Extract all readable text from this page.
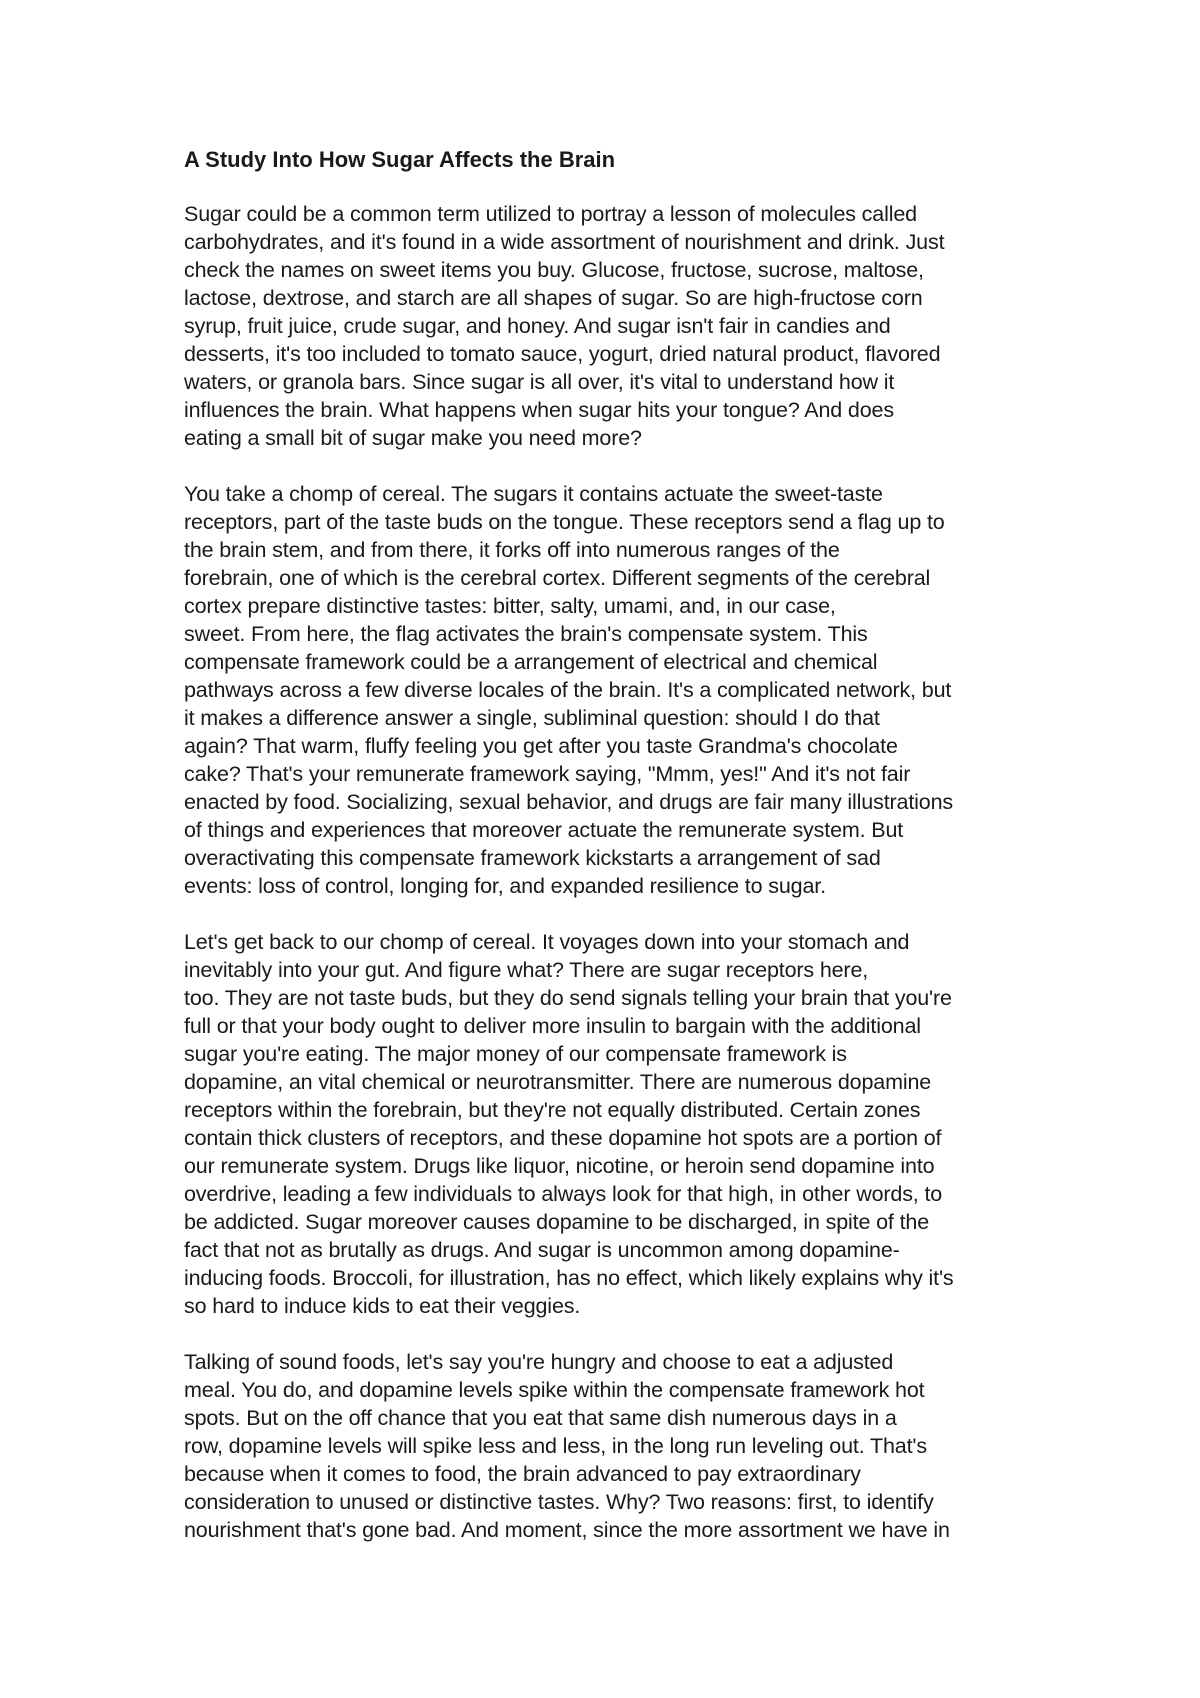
A Study Into How Sugar Affects the Brain
Sugar could be a common term utilized to portray a lesson of molecules called
carbohydrates, and it's found in a wide assortment of nourishment and drink. Just
check the names on sweet items you buy. Glucose, fructose, sucrose, maltose,
lactose, dextrose, and starch are all shapes of sugar. So are high-fructose corn
syrup, fruit juice, crude sugar, and honey. And sugar isn't fair in candies and
desserts, it's too included to tomato sauce, yogurt, dried natural product, flavored
waters, or granola bars. Since sugar is all over, it's vital to understand how it
influences the brain. What happens when sugar hits your tongue? And does
eating a small bit of sugar make you need more?
You take a chomp of cereal. The sugars it contains actuate the sweet-taste
receptors, part of the taste buds on the tongue. These receptors send a flag up to
the brain stem, and from there, it forks off into numerous ranges of the
forebrain, one of which is the cerebral cortex. Different segments of the cerebral
cortex prepare distinctive tastes: bitter, salty, umami, and, in our case,
sweet. From here, the flag activates the brain's compensate system. This
compensate framework could be a arrangement of electrical and chemical
pathways across a few diverse locales of the brain. It's a complicated network, but
it makes a difference answer a single, subliminal question: should I do that
again? That warm, fluffy feeling you get after you taste Grandma's chocolate
cake? That's your remunerate framework saying, "Mmm, yes!" And it's not fair
enacted by food. Socializing, sexual behavior, and drugs are fair many illustrations
of things and experiences that moreover actuate the remunerate system. But
overactivating this compensate framework kickstarts a arrangement of sad
events: loss of control, longing for, and expanded resilience to sugar.
Let's get back to our chomp of cereal. It voyages down into your stomach and
inevitably into your gut. And figure what? There are sugar receptors here,
too. They are not taste buds, but they do send signals telling your brain that you're
full or that your body ought to deliver more insulin to bargain with the additional
sugar you're eating. The major money of our compensate framework is
dopamine, an vital chemical or neurotransmitter. There are numerous dopamine
receptors within the forebrain, but they're not equally distributed. Certain zones
contain thick clusters of receptors, and these dopamine hot spots are a portion of
our remunerate system. Drugs like liquor, nicotine, or heroin send dopamine into
overdrive, leading a few individuals to always look for that high, in other words, to
be addicted. Sugar moreover causes dopamine to be discharged, in spite of the
fact that not as brutally as drugs. And sugar is uncommon among dopamine-
inducing foods. Broccoli, for illustration, has no effect, which likely explains why it's
so hard to induce kids to eat their veggies.
Talking of sound foods, let's say you're hungry and choose to eat a adjusted
meal. You do, and dopamine levels spike within the compensate framework hot
spots. But on the off chance that you eat that same dish numerous days in a
row, dopamine levels will spike less and less, in the long run leveling out. That's
because when it comes to food, the brain advanced to pay extraordinary
consideration to unused or distinctive tastes. Why? Two reasons: first, to identify
nourishment that's gone bad. And moment, since the more assortment we have in
